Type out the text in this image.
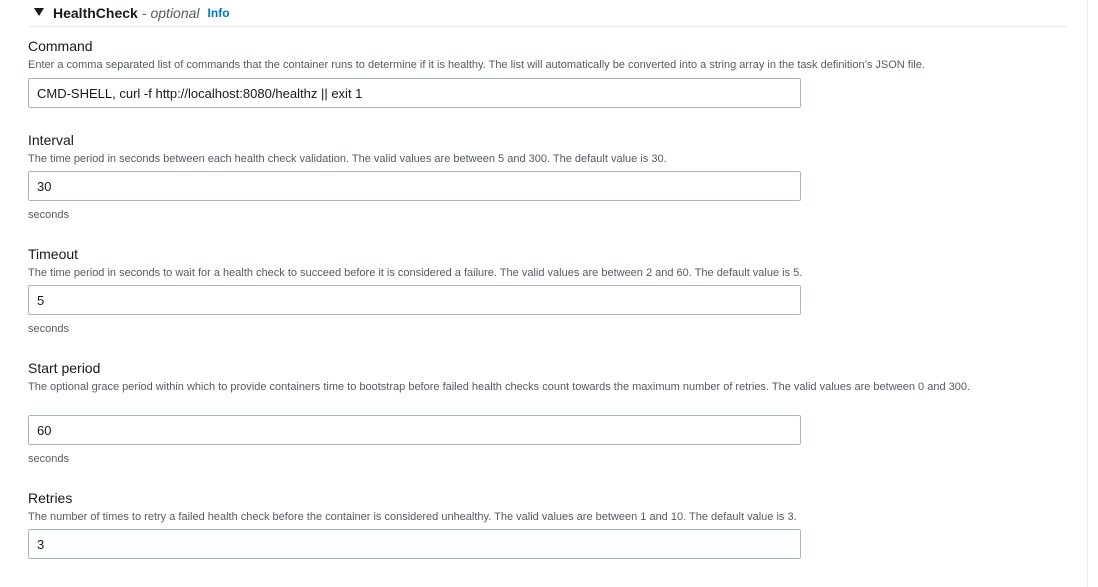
HealthCheck - optional Info
Command
Enter a comma separated list of commands that the container runs to determine if it is healthy. The list will automatically be converted into a string array in the task definition’s JSON file.
CMD-SHELL, curl -f http://localhost:8080/healthz || exit 1
Interval
The time period in seconds between each health check validation. The valid values are between 5 and 300. The default value is 30.
30
seconds
Timeout
The time period in seconds to wait for a health check to succeed before it is considered a failure. The valid values are between 2 and 60. The default value is 5.
5
seconds
Start period
The optional grace period within which to provide containers time to bootstrap before failed health checks count towards the maximum number of retries. The valid values are between 0 and 300.
60
seconds
Retries
The number of times to retry a failed health check before the container is considered unhealthy. The valid values are between 1 and 10. The default value is 3.
3
